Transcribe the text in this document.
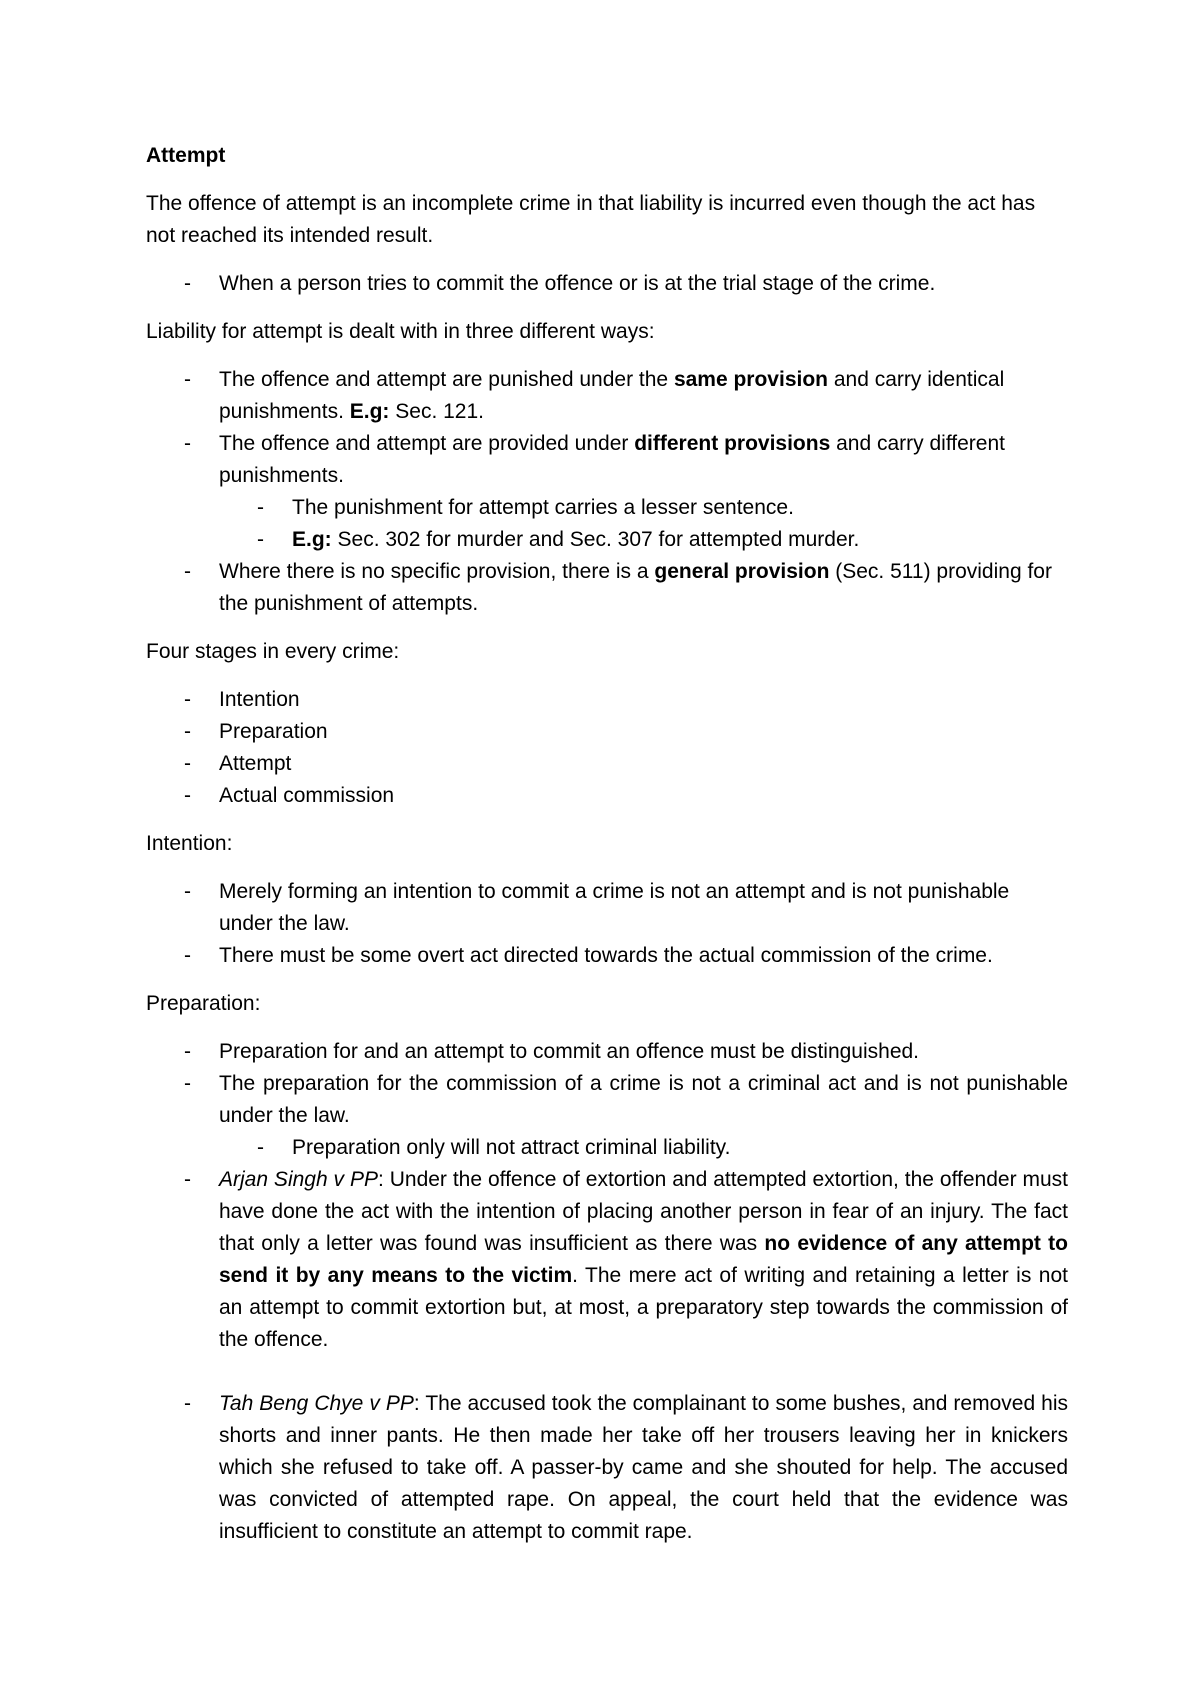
Attempt

The offence of attempt is an incomplete crime in that liability is incurred even though the act has not reached its intended result.

- When a person tries to commit the offence or is at the trial stage of the crime.

Liability for attempt is dealt with in three different ways:

- The offence and attempt are punished under the same provision and carry identical punishments. E.g: Sec. 121.
- The offence and attempt are provided under different provisions and carry different punishments.
- The punishment for attempt carries a lesser sentence.
- E.g: Sec. 302 for murder and Sec. 307 for attempted murder.
- Where there is no specific provision, there is a general provision (Sec. 511) providing for the punishment of attempts.

Four stages in every crime:

- Intention
- Preparation
- Attempt
- Actual commission

Intention:

- Merely forming an intention to commit a crime is not an attempt and is not punishable under the law.
- There must be some overt act directed towards the actual commission of the crime.

Preparation:

- Preparation for and an attempt to commit an offence must be distinguished.
- The preparation for the commission of a crime is not a criminal act and is not punishable under the law.
- Preparation only will not attract criminal liability.
- Arjan Singh v PP: Under the offence of extortion and attempted extortion, the offender must have done the act with the intention of placing another person in fear of an injury. The fact that only a letter was found was insufficient as there was no evidence of any attempt to send it by any means to the victim. The mere act of writing and retaining a letter is not an attempt to commit extortion but, at most, a preparatory step towards the commission of the offence.
- Tah Beng Chye v PP: The accused took the complainant to some bushes, and removed his shorts and inner pants. He then made her take off her trousers leaving her in knickers which she refused to take off. A passer-by came and she shouted for help. The accused was convicted of attempted rape. On appeal, the court held that the evidence was insufficient to constitute an attempt to commit rape.
